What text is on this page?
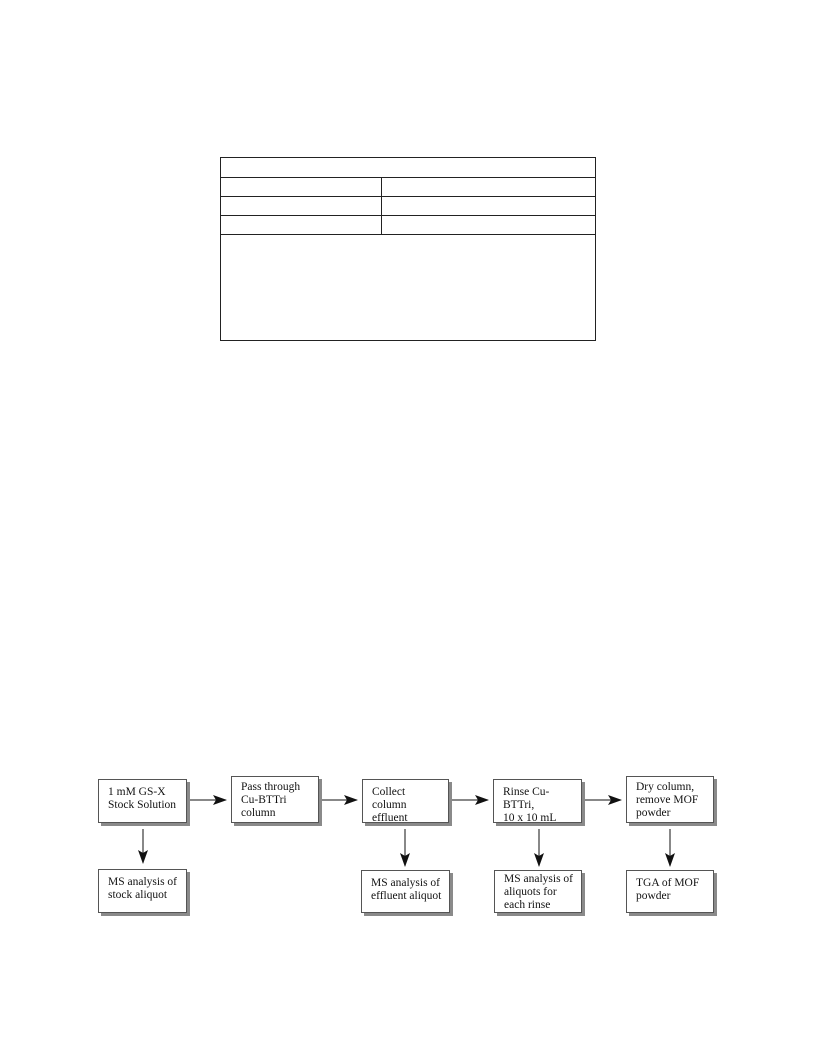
1 mM GS-X
Stock Solution
Pass through
Cu-BTTri
column
Collect column
effluent
Rinse Cu-BTTri,
10 x 10 mL
Dry column,
remove MOF
powder
MS analysis of
stock aliquot
MS analysis of
effluent aliquot
MS analysis of
aliquots for
each rinse
TGA of MOF
powder
